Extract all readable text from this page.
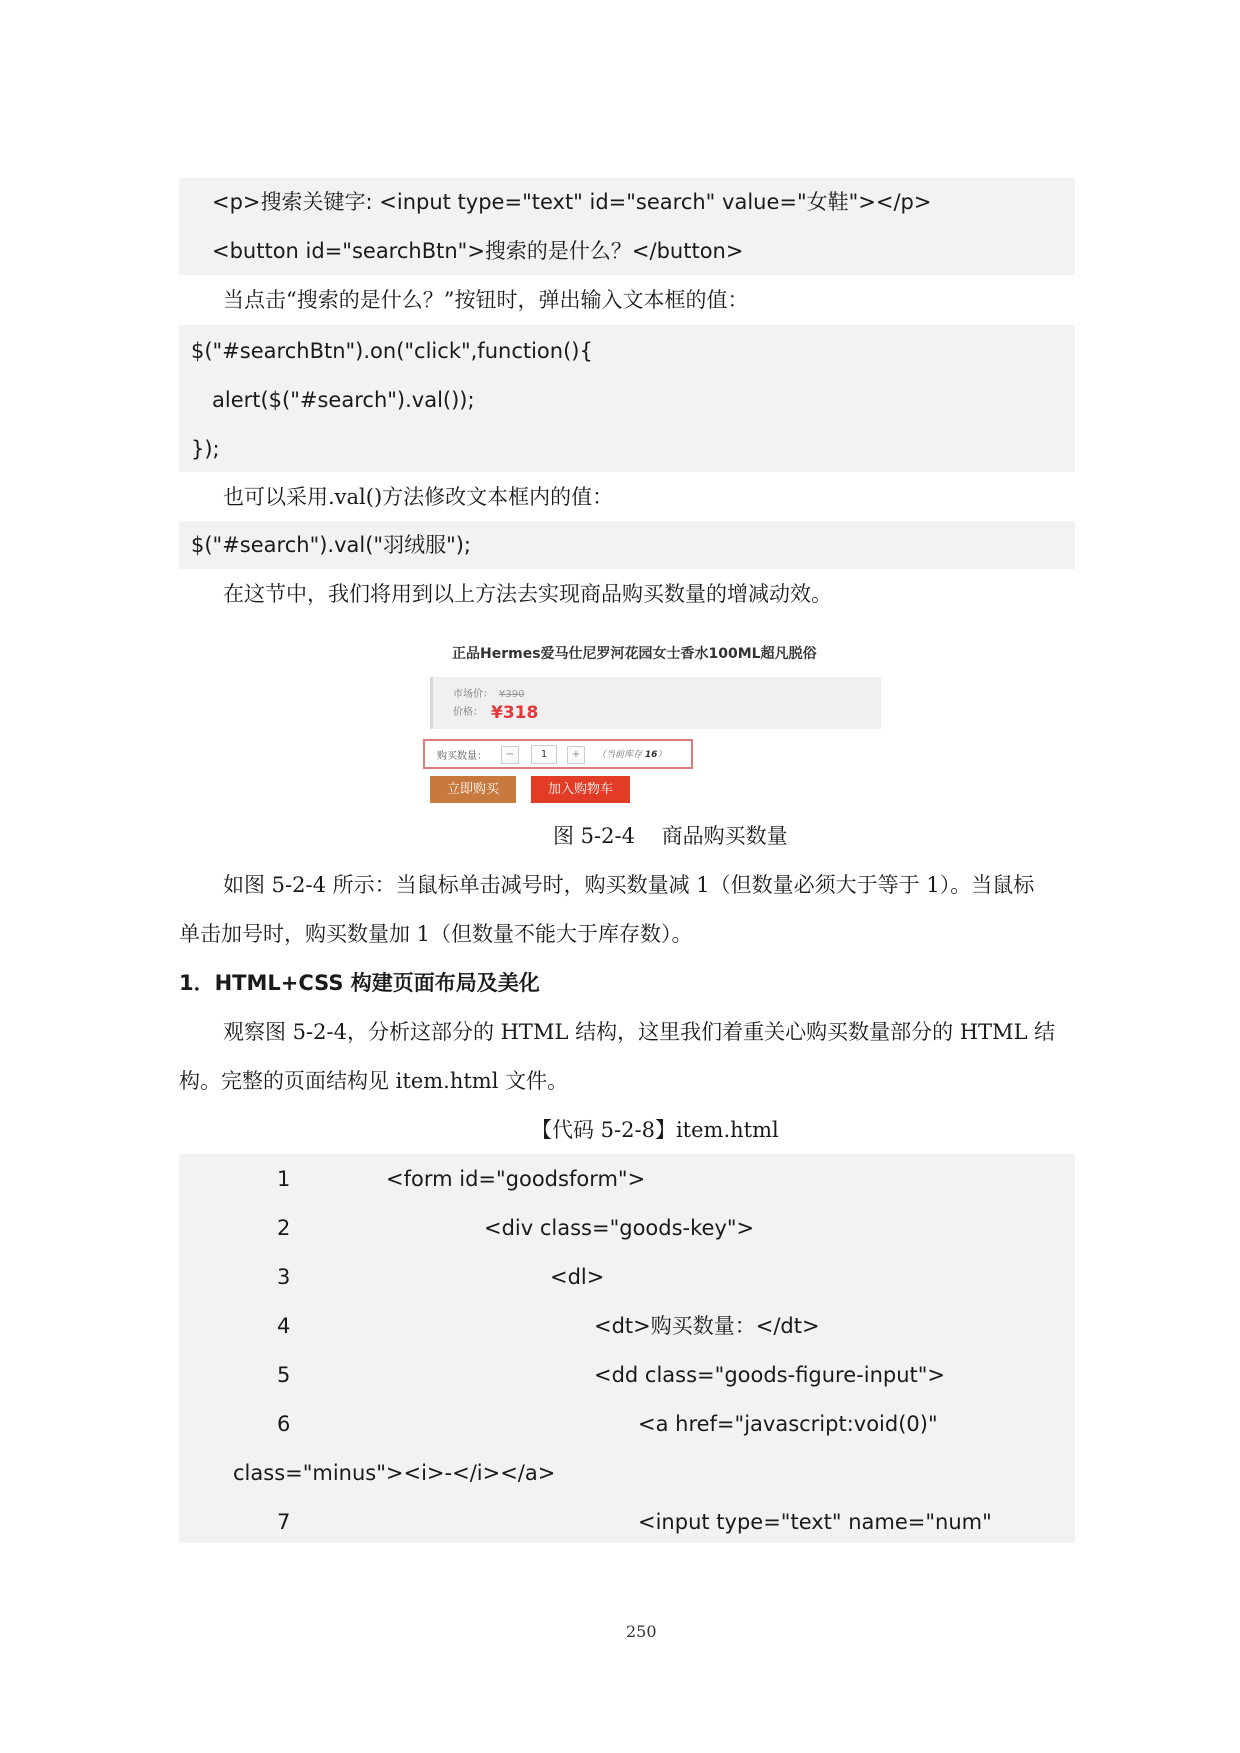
<p>搜索关键字: <input type="text" id="search" value="女鞋"></p>
<button id="searchBtn">搜索的是什么？</button>
当点击“搜索的是什么？”按钮时，弹出输入文本框的值：
$("#searchBtn").on("click",function(){
alert($("#search").val());
});
也可以采用.val()方法修改文本框内的值：
$("#search").val("羽绒服");
在这节中，我们将用到以上方法去实现商品购买数量的增减动效。
正品Hermes爱马仕尼罗河花园女士香水100ML超凡脱俗
市场价： ¥390
价格： ¥318
购买数量：	−	1	+	（当前库存 16）
立即购买	加入购物车
图 5-2-4    商品购买数量
如图 5-2-4 所示：当鼠标单击减号时，购买数量减 1（但数量必须大于等于 1）。当鼠标
单击加号时，购买数量加 1（但数量不能大于库存数）。
1．HTML+CSS 构建页面布局及美化
观察图 5-2-4，分析这部分的 HTML 结构，这里我们着重关心购买数量部分的 HTML 结
构。完整的页面结构见 item.html 文件。
【代码 5-2-8】item.html
1	<form id="goodsform">
2	<div class="goods-key">
3	<dl>
4	<dt>购买数量：</dt>
5	<dd class="goods-figure-input">
6	<a href="javascript:void(0)"
class="minus"><i>-</i></a>
7	<input type="text" name="num"
250
